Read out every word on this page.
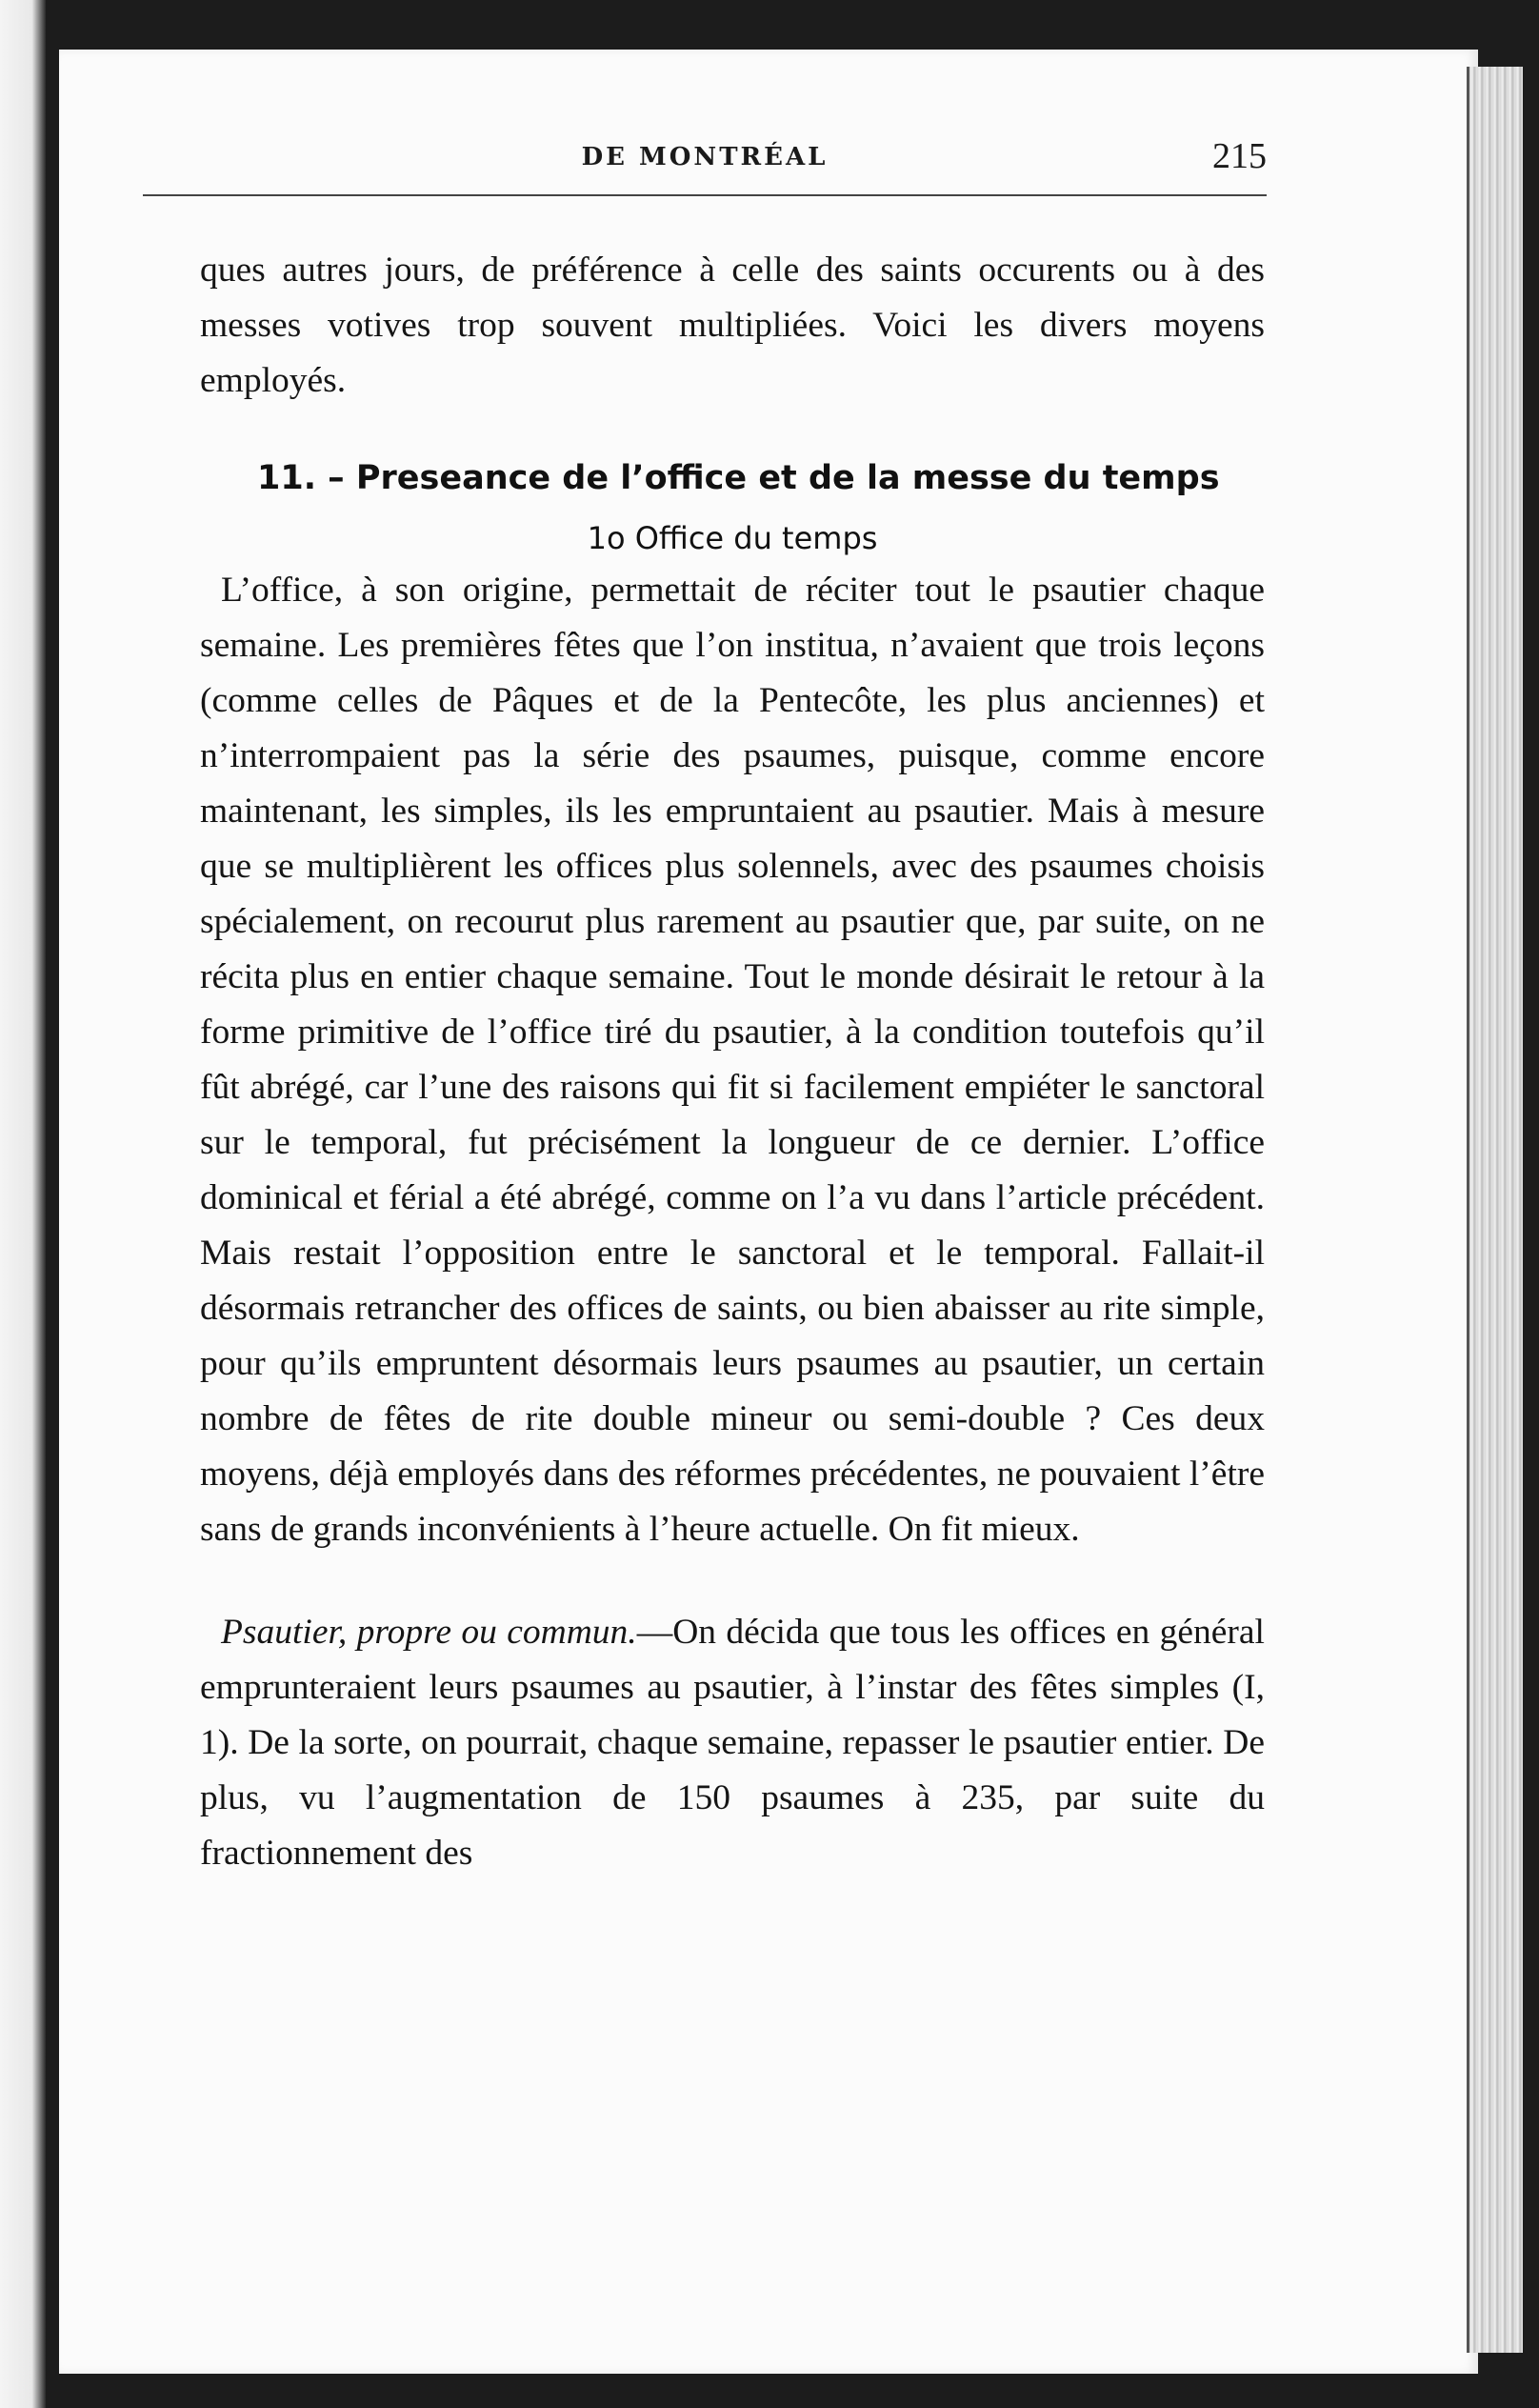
DE MONTRÉAL	215

ques autres jours, de préférence à celle des saints occurents ou à des messes votives trop souvent multipliées. Voici les divers moyens employés.

11. – Preseance de l’office et de la messe du temps
1o Office du temps

L’office, à son origine, permettait de réciter tout le psautier chaque semaine. Les premières fêtes que l’on institua, n’avaient que trois leçons (comme celles de Pâques et de la Pentecôte, les plus anciennes) et n’interrompaient pas la série des psaumes, puisque, comme encore maintenant, les simples, ils les empruntaient au psautier. Mais à mesure que se multiplièrent les offices plus solennels, avec des psaumes choisis spécialement, on recourut plus rarement au psautier que, par suite, on ne récita plus en entier chaque semaine. Tout le monde désirait le retour à la forme primitive de l’office tiré du psautier, à la condition toutefois qu’il fût abrégé, car l’une des raisons qui fit si facilement empiéter le sanctoral sur le temporal, fut précisément la longueur de ce dernier. L’office dominical et férial a été abrégé, comme on l’a vu dans l’article précédent. Mais restait l’opposition entre le sanctoral et le temporal. Fallait-il désormais retrancher des offices de saints, ou bien abaisser au rite simple, pour qu’ils empruntent désormais leurs psaumes au psautier, un certain nombre de fêtes de rite double mineur ou semi-double ? Ces deux moyens, déjà employés dans des réformes précédentes, ne pouvaient l’être sans de grands inconvénients à l’heure actuelle. On fit mieux.

Psautier, propre ou commun.—On décida que tous les offices en général emprunteraient leurs psaumes au psautier, à l’instar des fêtes simples (I, 1). De la sorte, on pourrait, chaque semaine, repasser le psautier entier. De plus, vu l’augmentation de 150 psaumes à 235, par suite du fractionnement des
